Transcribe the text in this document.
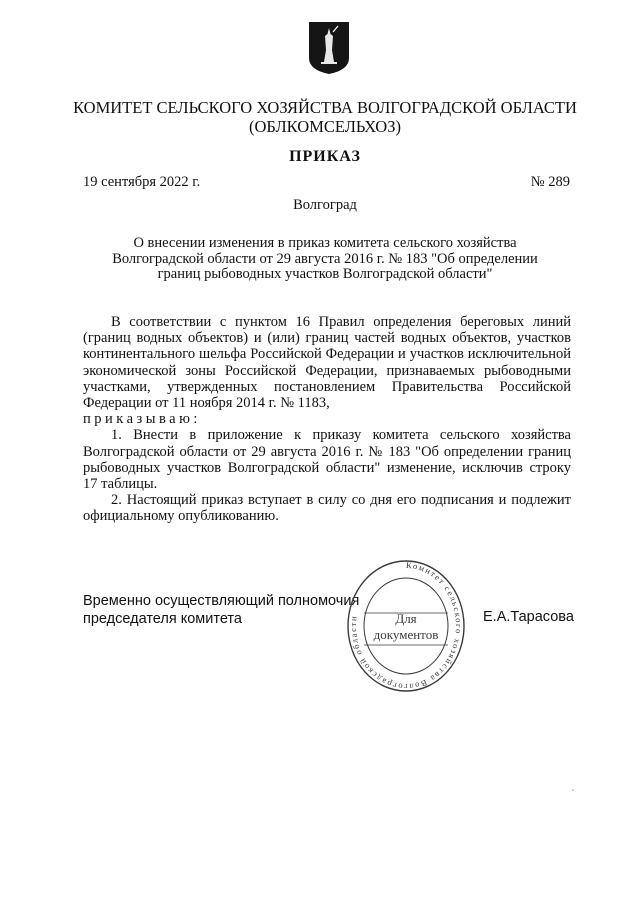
КОМИТЕТ СЕЛЬСКОГО ХОЗЯЙСТВА ВОЛГОГРАДСКОЙ ОБЛАСТИ
(ОБЛКОМСЕЛЬХОЗ)
ПРИКАЗ
19 сентября 2022 г.	№ 289
Волгоград
О внесении изменения в приказ комитета сельского хозяйства
Волгоградской области от 29 августа 2016 г. № 183 "Об определении
границ рыбоводных участков Волгоградской области"

В соответствии с пунктом 16 Правил определения береговых линий (границ водных объектов) и (или) границ частей водных объектов, участков континентального шельфа Российской Федерации и участков исключительной экономической зоны Российской Федерации, признаваемых рыбоводными участками, утвержденных постановлением Правительства Российской Федерации от 11 ноября 2014 г. № 1183,
приказываю:

1. Внести в приложение к приказу комитета сельского хозяйства Волгоградской области от 29 августа 2016 г. № 183 "Об определении границ рыбоводных участков Волгоградской области" изменение, исключив строку 17 таблицы.

2. Настоящий приказ вступает в силу со дня его подписания и подлежит официальному опубликованию.

Временно осуществляющий полномочия
председателя комитета	Е.А.Тарасова
Комитет сельского хозяйства Волгоградской области	Для
документов
